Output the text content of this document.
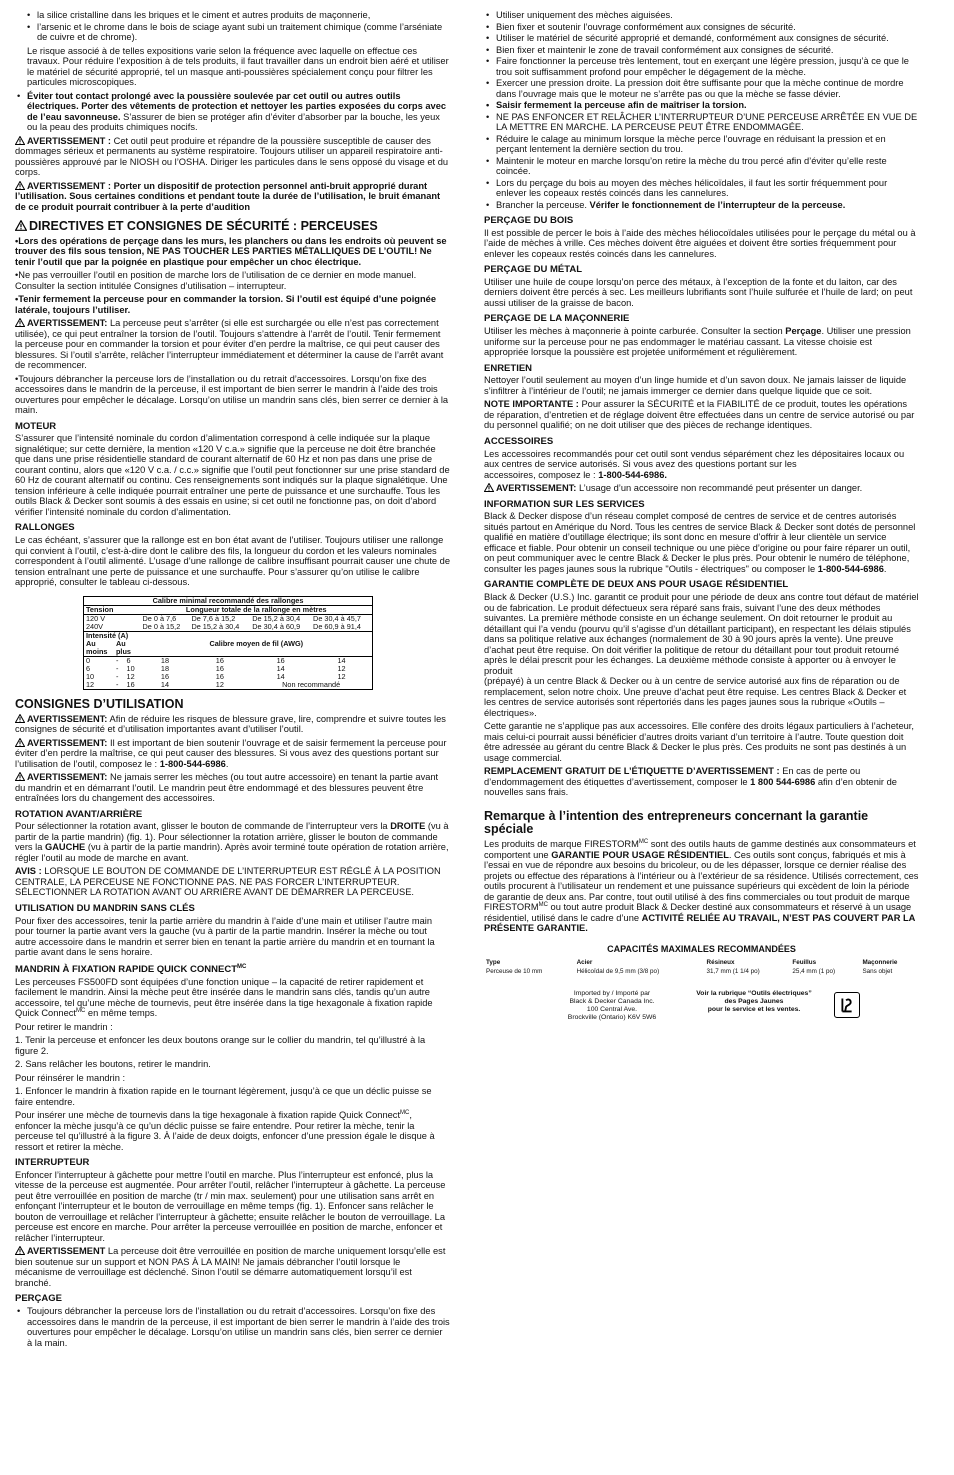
• la silice cristalline dans les briques et le ciment et autres produits de maçonnerie,
• l’arsenic et le chrome dans le bois de sciage ayant subi un traitement chimique (comme l’arséniate de cuivre et de chrome).

Le risque associé à de telles expositions varie selon la fréquence avec laquelle on effectue ces travaux. Pour réduire l’exposition à de tels produits, il faut travailler dans un endroit bien aéré et utiliser le matériel de sécurité approprié, tel un masque anti-poussières spécialement conçu pour filtrer les particules microscopiques.

• Éviter tout contact prolongé avec la poussière soulevée par cet outil ou autres outils électriques. Porter des vêtements de protection et nettoyer les parties exposées du corps avec de l’eau savonneuse. S’assurer de bien se protéger afin d’éviter d’absorber par la bouche, les yeux ou la peau des produits chimiques nocifs.

AVERTISSEMENT : Cet outil peut produire et répandre de la poussière susceptible de causer des dommages sérieux et permanents au système respiratoire. Toujours utiliser un appareil respiratoire anti-poussières approuvé par le NIOSH ou l’OSHA. Diriger les particules dans le sens opposé du visage et du corps.

AVERTISSEMENT : Porter un dispositif de protection personnel anti-bruit approprié durant l’utilisation. Sous certaines conditions et pendant toute la durée de l’utilisation, le bruit émanant de ce produit pourrait contribuer à la perte d’audition

DIRECTIVES ET CONSIGNES DE SÉCURITÉ : PERCEUSES

•Lors des opérations de perçage dans les murs, les planchers ou dans les endroits où peuvent se trouver des fils sous tension, NE PAS TOUCHER LES PARTIES MÉTALLIQUES DE L’OUTIL! Ne tenir l’outil que par la poignée en plastique pour empêcher un choc électrique.

•Ne pas verrouiller l’outil en position de marche lors de l’utilisation de ce dernier en mode manuel. Consulter la section intitulée Consignes d’utilisation – interrupteur.

•Tenir fermement la perceuse pour en commander la torsion. Si l’outil est équipé d’une poignée latérale, toujours l’utiliser.

AVERTISSEMENT: La perceuse peut s’arrêter (si elle est surchargée ou elle n’est pas correctement utilisée), ce qui peut entraîner la torsion de l’outil. Toujours s’attendre à l’arrêt de l’outil. Tenir fermement la perceuse pour en commander la torsion et pour éviter d’en perdre la maîtrise, ce qui peut causer des blessures. Si l’outil s’arrête, relâcher l’interrupteur immédiatement et déterminer la cause de l’arrêt avant de recommencer.

•Toujours débrancher la perceuse lors de l’installation ou du retrait d’accessoires. Lorsqu’on fixe des accessoires dans le mandrin de la perceuse, il est important de bien serrer le mandrin à l’aide des trois ouvertures pour empêcher le décalage. Lorsqu’on utilise un mandrin sans clés, bien serrer ce dernier à la main.

MOTEUR

S’assurer que l’intensité nominale du cordon d’alimentation correspond à celle indiquée sur la plaque signalétique; sur cette dernière, la mention «120 V c.a.» signifie que la perceuse ne doit être branchée que dans une prise résidentielle standard de courant alternatif de 60 Hz et non pas dans une prise de courant continu, alors que «120 V c.a. / c.c.» signifie que l’outil peut fonctionner sur une prise standard de 60 Hz de courant alternatif ou continu. Ces renseignements sont indiqués sur la plaque signalétique. Une tension inférieure à celle indiquée pourrait entraîner une perte de puissance et une surchauffe. Tous les outils Black & Decker sont soumis à des essais en usine; si cet outil ne fonctionne pas, on doit d’abord vérifier l’intensité nominale du cordon d’alimentation.

RALLONGES

Le cas échéant, s’assurer que la rallonge est en bon état avant de l’utiliser. Toujours utiliser une rallonge qui convient à l’outil, c’est-à-dire dont le calibre des fils, la longueur du cordon et les valeurs nominales correspondent à l’outil alimenté. L’usage d’une rallonge de calibre insuffisant pourrait causer une chute de tension entraînant une perte de puissance et une surchauffe. Pour s’assurer qu’on utilise le calibre approprié, consulter le tableau ci-dessous.

Calibre minimal recommandé des rallonges					
Tension		Longueur totale de la rallonge en mètres			
120 V		De 0 à 7,6	De 7,6 à 15,2	De 15,2 à 30,4	De 30,4 à 45,7
240V		De 0 à 15,2	De 15,2 à 30,4	De 30,4 à 60,9	De 60,9 à 91,4
Intensité (A)					
Au	Au	Calibre moyen de fil (AWG)			
moins	plus				
0	- 6	18	16	16	14
6	- 10	18	16	14	12
10	- 12	16	16	14	12
12	- 16	14	12	Non recommandé	
CONSIGNES D’UTILISATION

AVERTISSEMENT: Afin de réduire les risques de blessure grave, lire, comprendre et suivre toutes les consignes de sécurité et d’utilisation importantes avant d’utiliser l’outil.

AVERTISSEMENT: Il est important de bien soutenir l’ouvrage et de saisir fermement la perceuse pour éviter d’en perdre la maîtrise, ce qui peut causer des blessures. Si vous avez des questions portant sur l’utilisation de l’outil, composez le : 1-800-544-6986.

AVERTISSEMENT: Ne jamais serrer les mèches (ou tout autre accessoire) en tenant la partie avant du mandrin et en démarrant l’outil. Le mandrin peut être endommagé et des blessures peuvent être entraînées lors du changement des accessoires.

ROTATION AVANT/ARRIÈRE

Pour sélectionner la rotation avant, glisser le bouton de commande de l’interrupteur vers la DROITE (vu à partir de la partie mandrin) (fig. 1). Pour sélectionner la rotation arrière, glisser le bouton de commande vers la GAUCHE (vu à partir de la partie mandrin). Après avoir terminé toute opération de rotation arrière, régler l’outil au mode de marche en avant.

AVIS : LORSQUE LE BOUTON DE COMMANDE DE L’INTERRUPTEUR EST RÉGLÉ À LA POSITION CENTRALE, LA PERCEUSE NE FONCTIONNE PAS. NE PAS FORCER L’INTERRUPTEUR. SÉLECTIONNER LA ROTATION AVANT OU ARRIÈRE AVANT DE DÉMARRER LA PERCEUSE.

UTILISATION DU MANDRIN SANS CLÉS

Pour fixer des accessoires, tenir la partie arrière du mandrin à l’aide d’une main et utiliser l’autre main pour tourner la partie avant vers la gauche (vu à partir de la partie mandrin. Insérer la mèche ou tout autre accessoire dans le mandrin et serrer bien en tenant la partie arrière du mandrin et en tournant la partie avant dans le sens horaire.

MANDRIN À FIXATION RAPIDE QUICK $CONNECT^{MC}$

Les perceuses FS500FD sont équipées d’une fonction unique – la capacité de retirer rapidement et facilement le mandrin. Ainsi la mèche peut être insérée dans le mandrin sans clés, tandis qu’un autre accessoire, tel qu’une mèche de tournevis, peut être insérée dans la tige hexagonale à fixation rapide Quick Connect$^{MC}$ en même temps.

Pour retirer le mandrin :

1. Tenir la perceuse et enfoncer les deux boutons orange sur le collier du mandrin, tel qu’illustré à la figure 2.

2. Sans relâcher les boutons, retirer le mandrin.

Pour réinsérer le mandrin :

1. Enfoncer le mandrin à fixation rapide en le tournant légèrement, jusqu’à ce que un déclic puisse se faire entendre.

Pour insérer une mèche de tournevis dans la tige hexagonale à fixation rapide Quick Connect$^{MC}$, enfoncer la mèche jusqu’à ce qu’un déclic puisse se faire entendre. Pour retirer la mèche, tenir la perceuse tel qu’illustré à la figure 3. À l’aide de deux doigts, enfoncer d’une pression égale le disque à ressort et retirer la mèche.

INTERRUPTEUR

Enfoncer l’interrupteur à gâchette pour mettre l’outil en marche. Plus l’interrupteur est enfoncé, plus la vitesse de la perceuse est augmentée. Pour arrêter l’outil, relâcher l’interrupteur à gâchette. La perceuse peut être verrouillée en position de marche (tr / min max. seulement) pour une utilisation sans arrêt en enfonçant l’interrupteur et le bouton de verrouillage en même temps (fig. 1). Enfoncer sans relâcher le bouton de verrouillage et relâcher l’interrupteur à gâchette; ensuite relâcher le bouton de verrouillage. La perceuse est encore en marche. Pour arrêter la perceuse verrouillée en position de marche, enfoncer et relâcher l’interrupteur.

AVERTISSEMENT La perceuse doit être verrouillée en position de marche uniquement lorsqu’elle est bien soutenue sur un support et NON PAS À LA MAIN! Ne jamais débrancher l’outil lorsque le mécanisme de verrouillage est déclenché. Sinon l’outil se démarre automatiquement lorsqu’il est branché.

PERÇAGE
• Toujours débrancher la perceuse lors de l’installation ou du retrait d’accessoires. Lorsqu’on fixe des accessoires dans le mandrin de la perceuse, il est important de bien serrer le mandrin à l’aide des trois ouvertures pour empêcher le décalage. Lorsqu’on utilise un mandrin sans clés, bien serrer ce dernier à la main.
• Utiliser uniquement des mèches aiguisées.
• Bien fixer et soutenir l’ouvrage conformément aux consignes de sécurité.
• Utiliser le matériel de sécurité approprié et demandé, conformément aux consignes de sécurité.
• Bien fixer et maintenir le zone de travail conformément aux consignes de sécurité.
• Faire fonctionner la perceuse très lentement, tout en exerçant une légère pression, jusqu’à ce que le trou soit suffisamment profond pour empêcher le dégagement de la mèche.
• Exercer une pression droite. La pression doit être suffisante pour que la mèche continue de mordre dans l’ouvrage mais que le moteur ne s’arrête pas ou que la mèche se fasse dévier.
• Saisir fermement la perceuse afin de maîtriser la torsion.
• NE PAS ENFONCER ET RELÂCHER L’INTERRUPTEUR D’UNE PERCEUSE ARRÊTÉE EN VUE DE LA METTRE EN MARCHE. LA PERCEUSE PEUT ÊTRE ENDOMMAGÉE.
• Réduire le calage au minimum lorsque la mèche perce l’ouvrage en réduisant la pression et en perçant lentement la dernière section du trou.
• Maintenir le moteur en marche lorsqu’on retire la mèche du trou percé afin d’éviter qu’elle reste coincée.
• Lors du perçage du bois au moyen des mèches hélicoïdales, il faut les sortir fréquemment pour enlever les copeaux restés coincés dans les cannelures.
• Brancher la perceuse. Vérifer le fonctionnement de l’interrupteur de la perceuse.
PERÇAGE DU BOIS

Il est possible de percer le bois à l’aide des mèches héliocoïdales utilisées pour le perçage du métal ou à l’aide de mèches à vrille. Ces mèches doivent être aiguées et doivent être sorties fréquemment pour enlever les copeaux restés coincés dans les cannelures.

PERÇAGE DU MÉTAL

Utiliser une huile de coupe lorsqu’on perce des métaux, à l’exception de la fonte et du laiton, car des derniers doivent être percés à sec. Les meilleurs lubrifiants sont l’huile sulfurée et l’huile de lard; on peut aussi utiliser de la graisse de bacon.

PERÇAGE DE LA MAÇONNERIE

Utiliser les mèches à maçonnerie à pointe carburée. Consulter la section Perçage. Utiliser une pression uniforme sur la perceuse pour ne pas endommager le matériau cassant. La vitesse choisie est appropriée lorsque la poussière est projetée uniformément et régulièrement.

ENRETIEN

Nettoyer l’outil seulement au moyen d’un linge humide et d’un savon doux. Ne jamais laisser de liquide s’infiltrer à l’intérieur de l’outil; ne jamais immerger ce dernier dans quelque liquide que ce soit.

NOTE IMPORTANTE : Pour assurer la SÉCURITÉ et la FIABILITÉ de ce produit, toutes les opérations de réparation, d’entretien et de réglage doivent être effectuées dans un centre de service autorisé ou par du personnel qualifié; on ne doit utiliser que des pièces de rechange identiques.

ACCESSOIRES

Les accessoires recommandés pour cet outil sont vendus séparément chez les dépositaires locaux ou aux centres de service autorisés. Si vous avez des questions portant sur les
accessoires, composez le : 1-800-544-6986.

AVERTISSEMENT: L’usage d’un accessoire non recommandé peut présenter un danger.

INFORMATION SUR LES SERVICES

Black & Decker dispose d’un réseau complet composé de centres de service et de centres autorisés situés partout en Amérique du Nord. Tous les centres de service Black & Decker sont dotés de personnel qualifié en matière d’outillage électrique; ils sont donc en mesure d’offrir à leur clientèle un service efficace et fiable. Pour obtenir un conseil technique ou une pièce d’origine ou pour faire réparer un outil, on peut communiquer avec le centre Black & Decker le plus près. Pour obtenir le numéro de téléphone, consulter les pages jaunes sous la rubrique "Outils - électriques" ou composer le 1-800-544-6986.

GARANTIE COMPLÈTE DE DEUX ANS POUR USAGE RÉSIDENTIEL

Black & Decker (U.S.) Inc. garantit ce produit pour une période de deux ans contre tout défaut de matériel ou de fabrication. Le produit défectueux sera réparé sans frais, suivant l’une des deux méthodes suivantes. La première méthode consiste en un échange seulement. On doit retourner le produit au détaillant qui l’a vendu (pourvu qu’il s’agisse d’un détaillant participant), en respectant les délais stipulés dans sa politique relative aux échanges (normalement de 30 à 90 jours après la vente). Une preuve d’achat peut être requise. On doit vérifier la politique de retour du détaillant pour tout produit retourné après le délai prescrit pour les échanges. La deuxième méthode consiste à apporter ou à envoyer le produit

(prépayé) à un centre Black & Decker ou à un centre de service autorisé aux fins de réparation ou de remplacement, selon notre choix. Une preuve d’achat peut être requise. Les centres Black & Decker et les centres de service autorisés sont répertoriés dans les pages jaunes sous la rubrique «Outils – électriques».

Cette garantie ne s’applique pas aux accessoires. Elle confère des droits légaux particuliers à l’acheteur, mais celui-ci pourrait aussi bénéficier d’autres droits variant d’un territoire à l’autre. Toute question doit être adressée au gérant du centre Black & Decker le plus près. Ces produits ne sont pas destinés à un usage commercial.

REMPLACEMENT GRATUIT DE L’ÉTIQUETTE D’AVERTISSEMENT : En cas de perte ou d’endommagement des étiquettes d’avertissement, composer le 1 800 544-6986 afin d’en obtenir de nouvelles sans frais.

Remarque à l’intention des entrepreneurs concernant la garantie spéciale

Les produits de marque $FIRESTORM^{MC}$ sont des outils hauts de gamme destinés aux consommateurs et comportent une GARANTIE POUR USAGE RÉSIDENTIEL. Ces outils sont conçus, fabriqués et mis à l’essai en vue de répondre aux besoins du bricoleur, ou de les dépasser, lorsque ce dernier réalise des projets ou effectue des réparations à l’intérieur ou à l’extérieur de sa résidence. Utilisés correctement, ces outils procurent à l’utilisateur un rendement et une puissance supérieurs qui excèdent de loin la période de garantie de deux ans. Par contre, tout outil utilisé à des fins commerciales ou tout produit de marque $FIRESTORM^{MC}$ ou tout autre produit Black & Decker destiné aux consommateurs et réservé à un usage résidentiel, utilisé dans le cadre d’une ACTIVITÉ RELIÉE AU TRAVAIL, N’EST PAS COUVERT PAR LA PRÉSENTE GARANTIE.

CAPACITÉS MAXIMALES RECOMMANDÉES
Type	Acier	Résineux	Feuillus	Maçonnerie
Perceuse de 10 mm	Hélicoïdal de 9,5 mm (3/8 po)	31,7 mm (1 1/4 po)	25,4 mm (1 po)	Sans objet
Imported by / Importé par
Black & Decker Canada Inc.
100 Central Ave.
Brockville (Ontario) K6V 5W6
Voir la rubrique “Outils électriques”
des Pages Jaunes
pour le service et les ventes.
